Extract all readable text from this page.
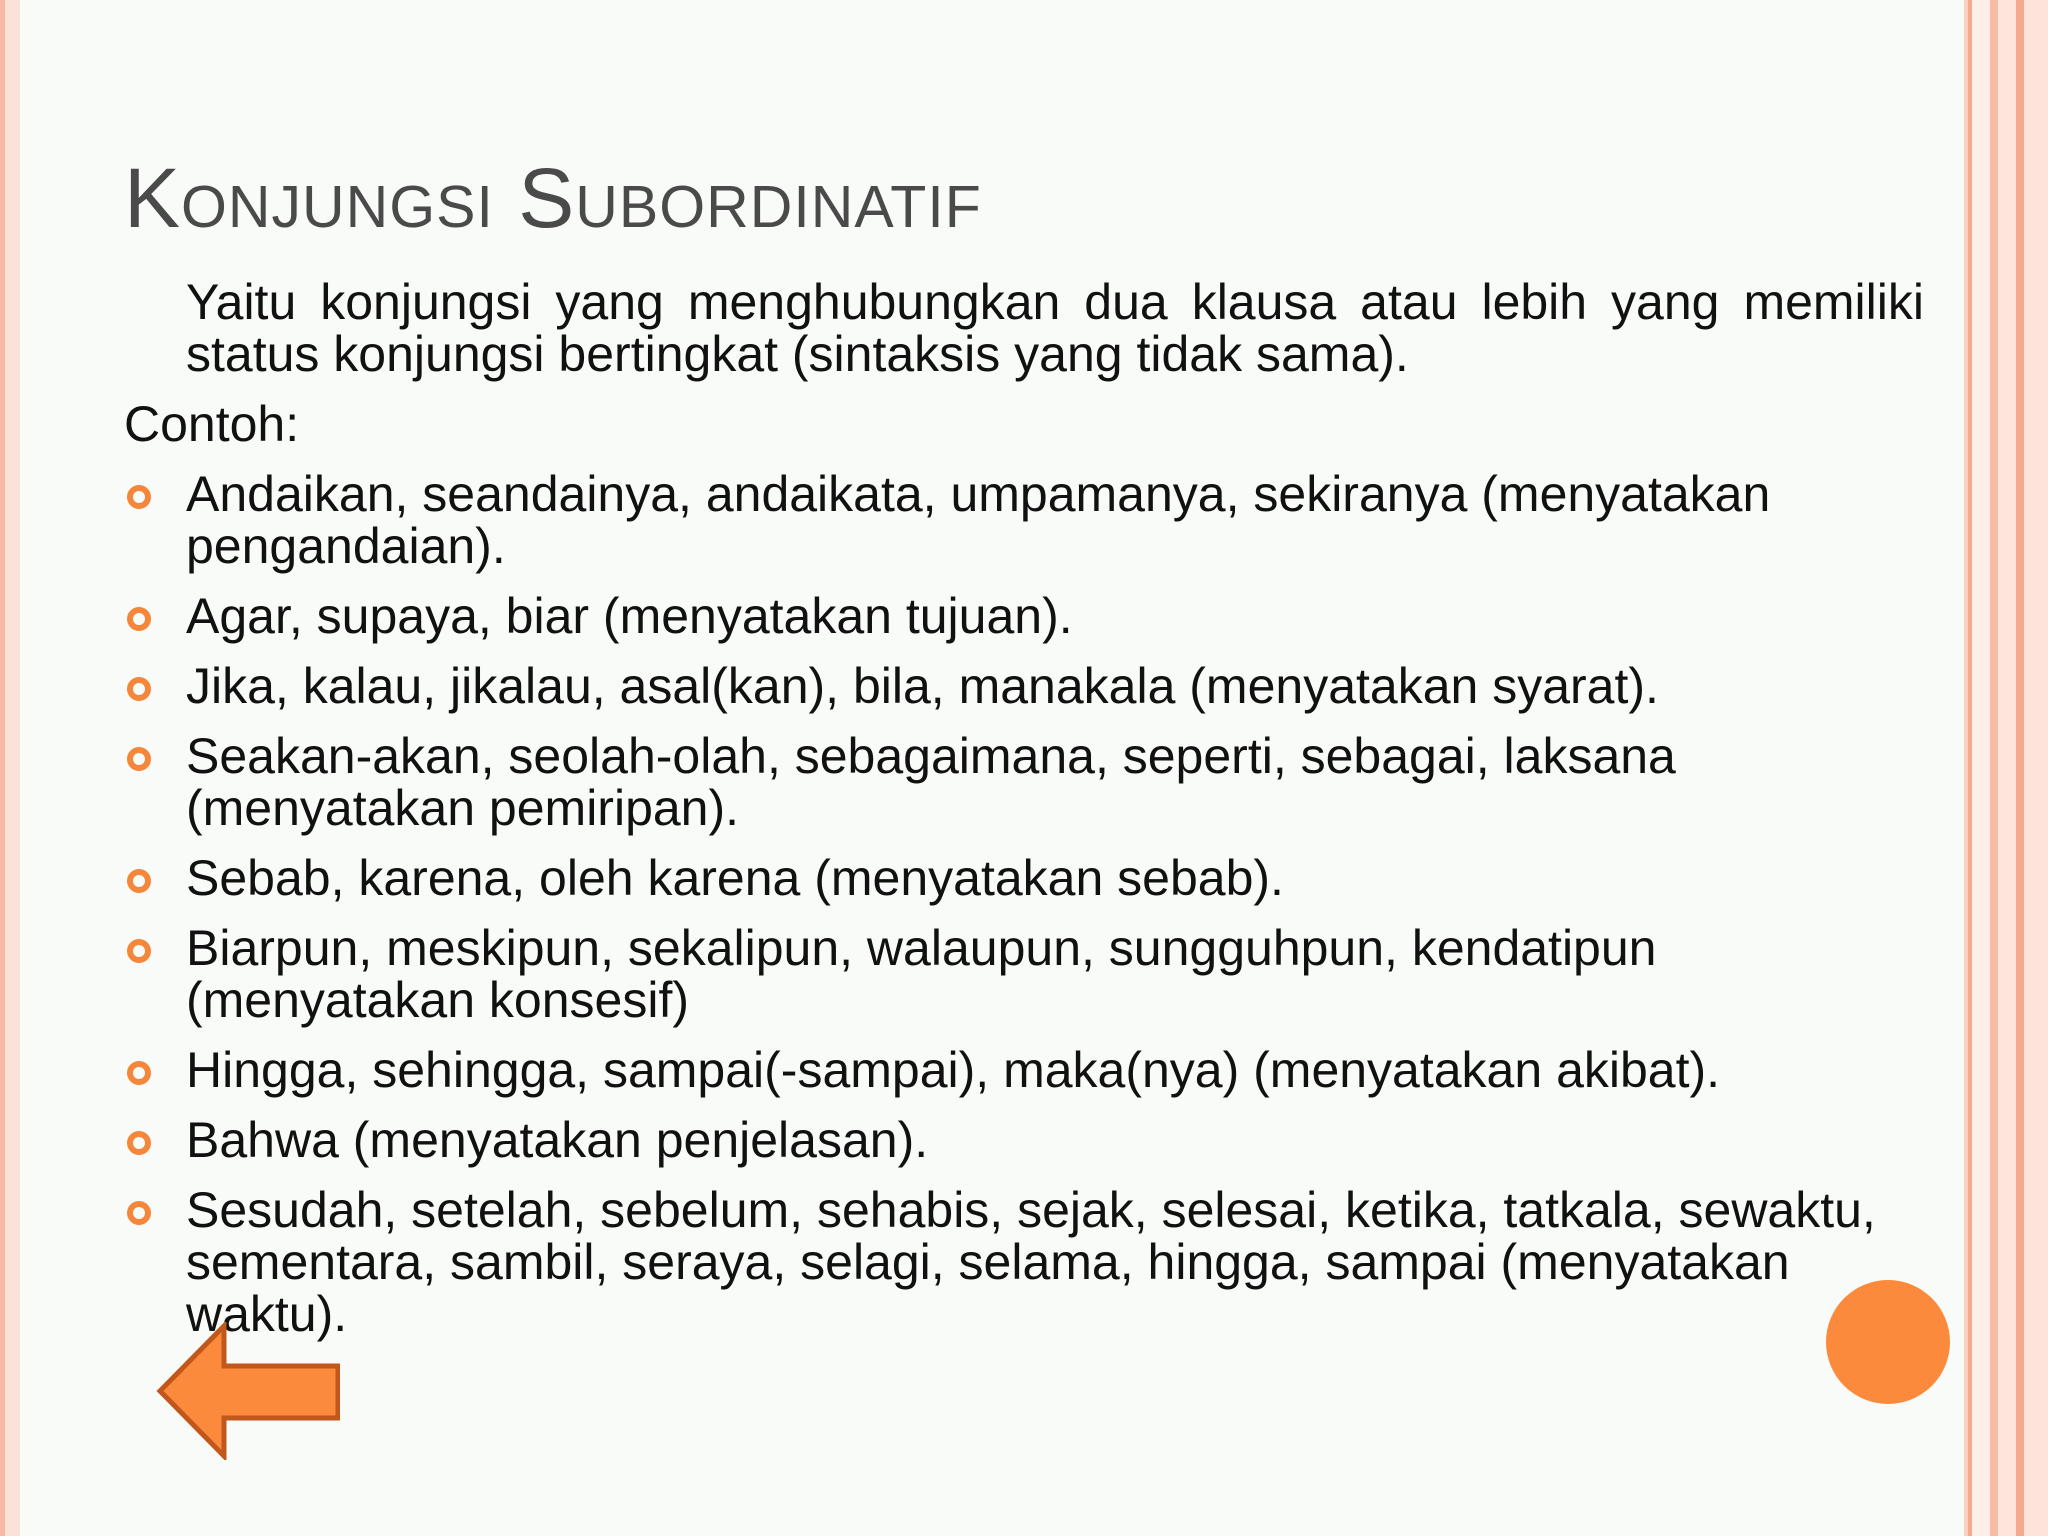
Konjungsi Subordinatif

Yaitu konjungsi yang menghubungkan dua klausa atau lebih yang memiliki status konjungsi bertingkat (sintaksis yang tidak sama).

Contoh:

Andaikan, seandainya, andaikata, umpamanya, sekiranya (menyatakan pengandaian).
Agar, supaya, biar (menyatakan tujuan).
Jika, kalau, jikalau, asal(kan), bila, manakala (menyatakan syarat).
Seakan-akan, seolah-olah, sebagaimana, seperti, sebagai, laksana (menyatakan pemiripan).
Sebab, karena, oleh karena (menyatakan sebab).
Biarpun, meskipun, sekalipun, walaupun, sungguhpun, kendatipun (menyatakan konsesif)
Hingga, sehingga, sampai(-sampai), maka(nya) (menyatakan akibat).
Bahwa (menyatakan penjelasan).
Sesudah, setelah, sebelum, sehabis, sejak, selesai, ketika, tatkala, sewaktu, sementara, sambil, seraya, selagi, selama, hingga, sampai (menyatakan waktu).
